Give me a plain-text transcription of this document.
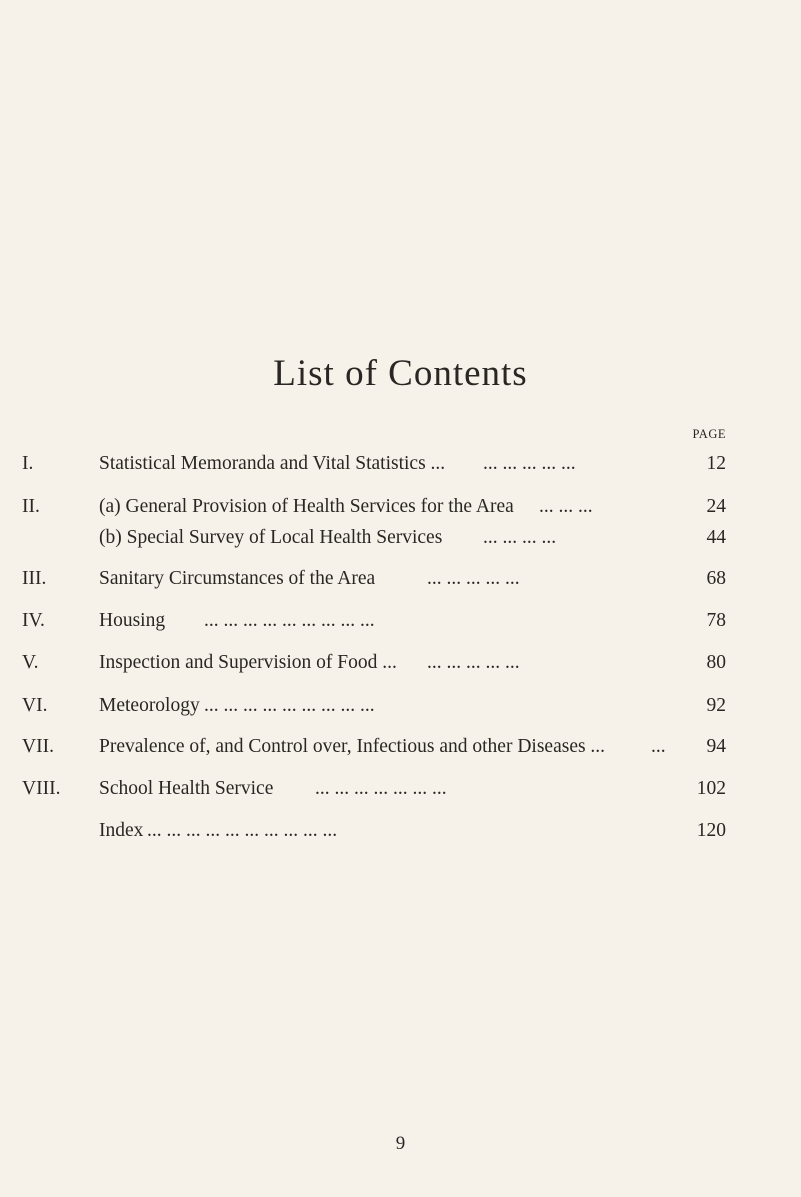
List of Contents
PAGE
I.	Statistical Memoranda and Vital Statistics ... ... ... ... ... ...	12
II.	(a) General Provision of Health Services for the Area ... ... ...	24
(b) Special Survey of Local Health Services ... ... ... ...	44
III.	Sanitary Circumstances of the Area	... ... ... ... ...	68
IV.	Housing ... ... ... ... ... ... ... ... ...	78
V.	Inspection and Supervision of Food ... ... ... ... ... ...	80
VI.	Meteorology ... ... ... ... ... ... ... ... ...	92
VII. Prevalence of, and Control over, Infectious and other Diseases ... ... 94
VIII. School Health Service ... ... ... ... ... ... ...	102
Index ... ... ... ... ... ... ... ... ... ...	120
9
